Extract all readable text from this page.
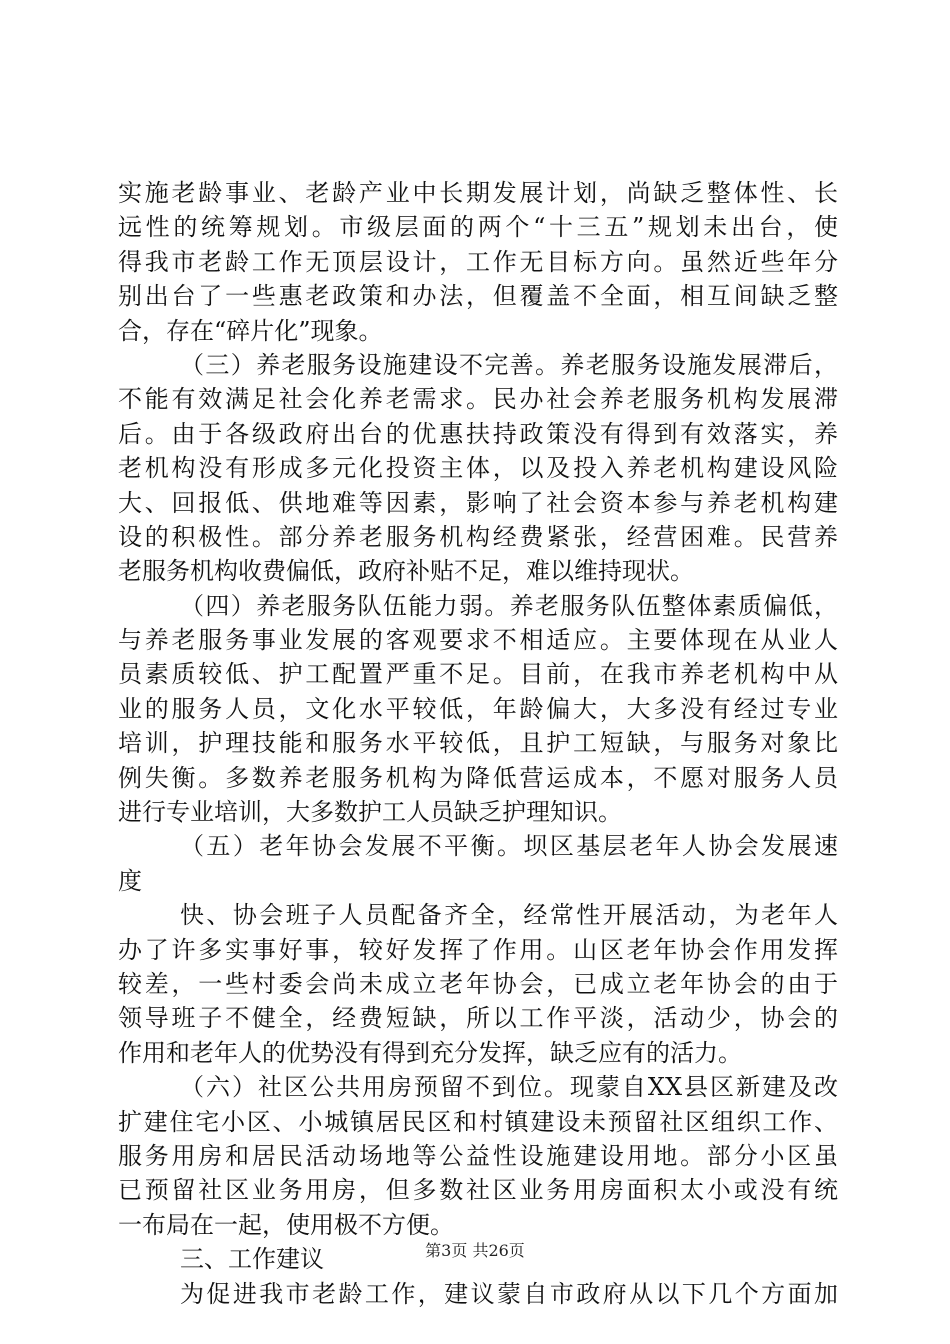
实施老龄事业、老龄产业中长期发展计划，尚缺乏整体性、长
远性的统筹规划。市级层面的两个“十三五”规划未出台，使
得我市老龄工作无顶层设计，工作无目标方向。虽然近些年分
别出台了一些惠老政策和办法，但覆盖不全面，相互间缺乏整
合，存在“碎片化”现象。
（三）养老服务设施建设不完善。养老服务设施发展滞后，
不能有效满足社会化养老需求。民办社会养老服务机构发展滞
后。由于各级政府出台的优惠扶持政策没有得到有效落实，养
老机构没有形成多元化投资主体，以及投入养老机构建设风险
大、回报低、供地难等因素，影响了社会资本参与养老机构建
设的积极性。部分养老服务机构经费紧张，经营困难。民营养
老服务机构收费偏低，政府补贴不足，难以维持现状。
（四）养老服务队伍能力弱。养老服务队伍整体素质偏低，
与养老服务事业发展的客观要求不相适应。主要体现在从业人
员素质较低、护工配置严重不足。目前，在我市养老机构中从
业的服务人员，文化水平较低，年龄偏大，大多没有经过专业
培训，护理技能和服务水平较低，且护工短缺，与服务对象比
例失衡。多数养老服务机构为降低营运成本，不愿对服务人员
进行专业培训，大多数护工人员缺乏护理知识。
（五）老年协会发展不平衡。坝区基层老年人协会发展速
度
快、协会班子人员配备齐全，经常性开展活动，为老年人
办了许多实事好事，较好发挥了作用。山区老年协会作用发挥
较差，一些村委会尚未成立老年协会，已成立老年协会的由于
领导班子不健全，经费短缺，所以工作平淡，活动少，协会的
作用和老年人的优势没有得到充分发挥，缺乏应有的活力。
（六）社区公共用房预留不到位。现蒙自XX县区新建及改
扩建住宅小区、小城镇居民区和村镇建设未预留社区组织工作、
服务用房和居民活动场地等公益性设施建设用地。部分小区虽
已预留社区业务用房，但多数社区业务用房面积太小或没有统
一布局在一起，使用极不方便。
三、工作建议
为促进我市老龄工作，建议蒙自市政府从以下几个方面加
第3页 共26页
